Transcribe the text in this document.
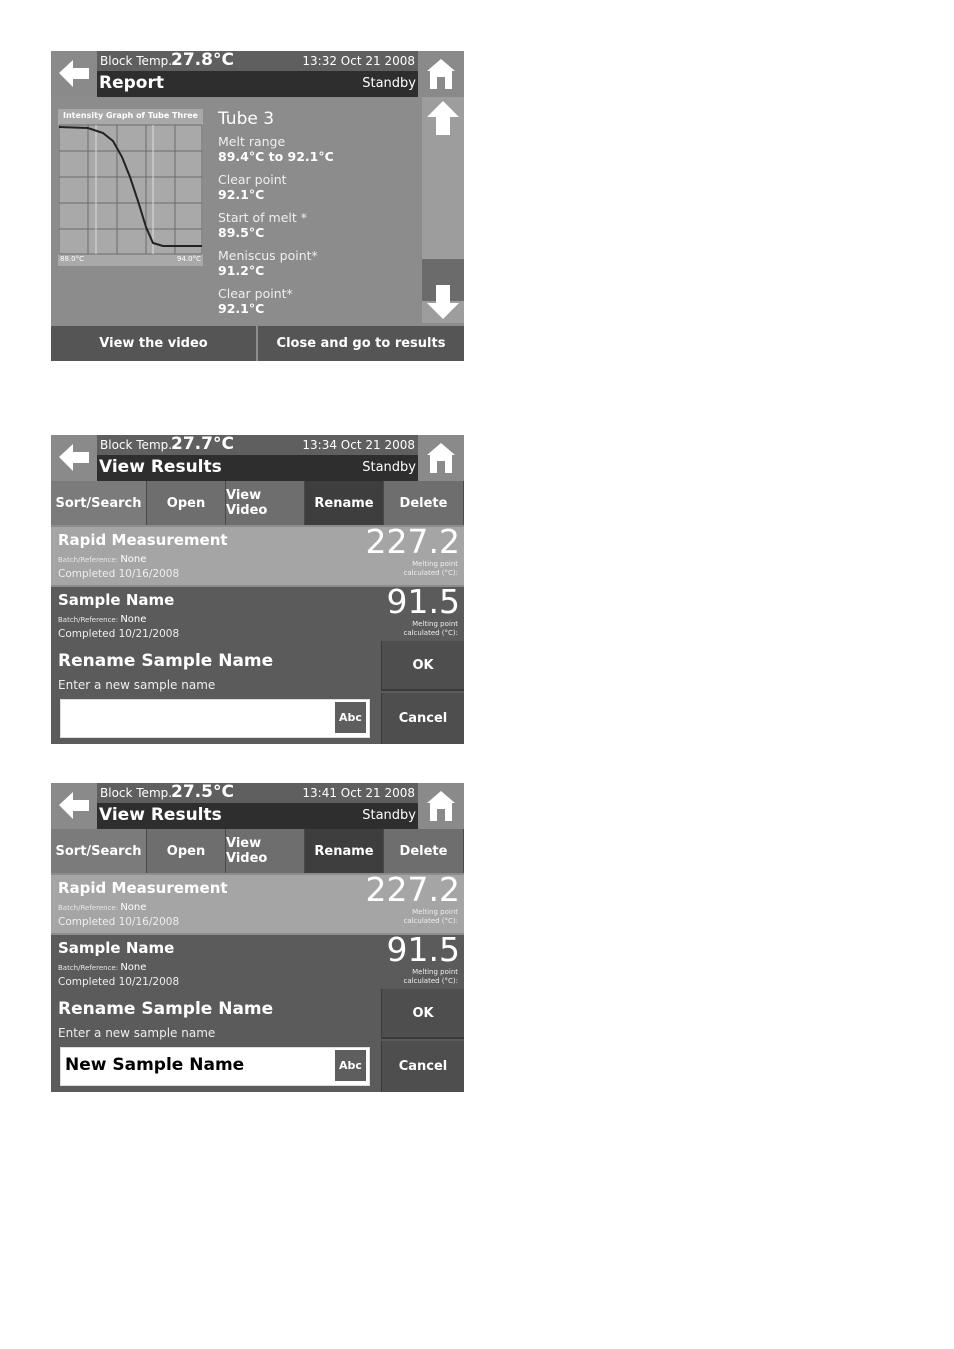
Block Temp.
27.8°C	13:32 Oct 21 2008
Report	Standby
Intensity Graph of Tube Three
88.0°C	94.0°C
Tube 3
Melt range
89.4°C to 92.1°C
Clear point
92.1°C
Start of melt *
89.5°C
Meniscus point*
91.2°C
Clear point*
92.1°C
View the video	Close and go to results
Block Temp.
27.7°C	13:34 Oct 21 2008
View Results	Standby
Sort/Search	Open	View Video	Rename	Delete
Rapid Measurement
Batch/Reference: None
Completed 10/16/2008
227.2
Melting point
calculated (°C):
Sample Name
Batch/Reference: None
Completed 10/21/2008
91.5
Melting point
calculated (°C):
Rename Sample Name
Enter a new sample name
Abc
OK
Cancel
Block Temp.
27.5°C	13:41 Oct 21 2008
View Results	Standby
Sort/Search	Open	View Video	Rename	Delete
Rapid Measurement
Batch/Reference: None
Completed 10/16/2008
227.2
Melting point
calculated (°C):
Sample Name
Batch/Reference: None
Completed 10/21/2008
91.5
Melting point
calculated (°C):
Rename Sample Name
Enter a new sample name
New Sample Name	Abc
OK
Cancel
